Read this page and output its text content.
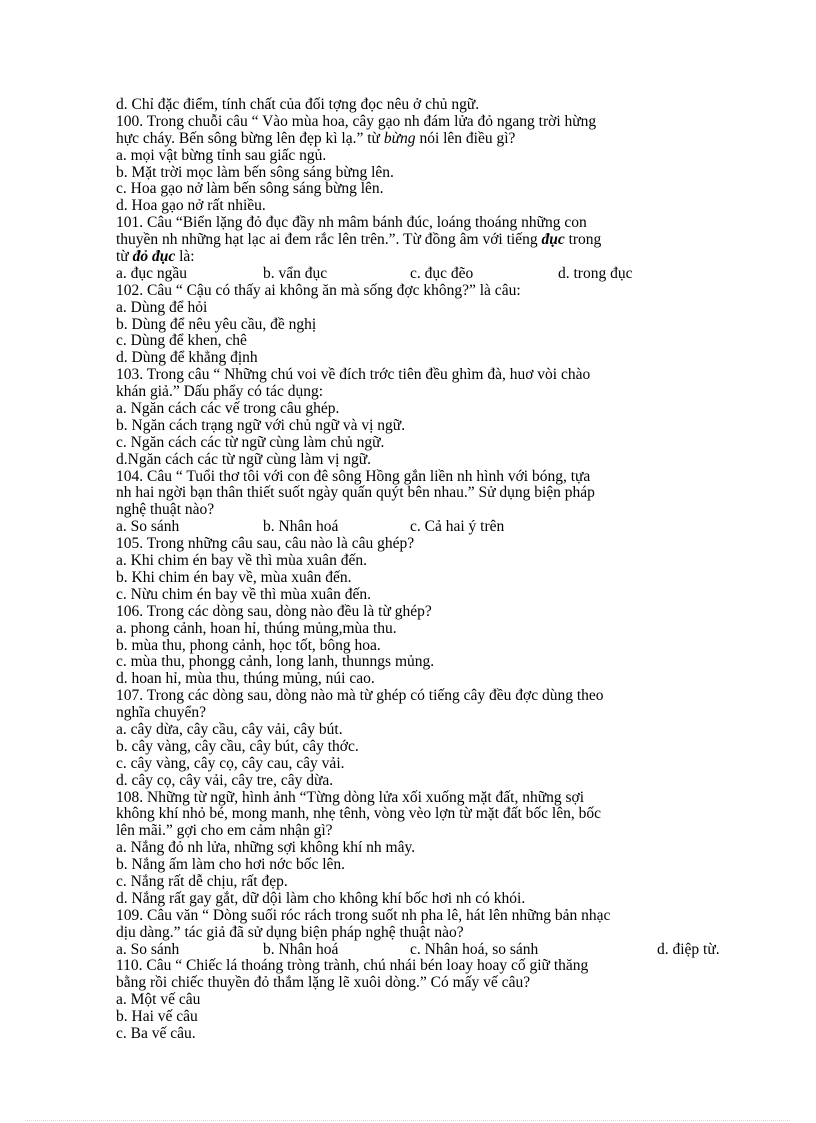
d. Chỉ đặc điểm, tính chất của đối tợng đọc nêu ở chủ ngữ.
100. Trong chuỗi câu “ Vào mùa hoa, cây gạo nh đám lửa đỏ ngang trời hừng
hực cháy. Bến sông bừng lên đẹp kì lạ.” từ bừng nói lên điều gì?
a. mọi vật bừng tỉnh sau giấc ngủ.
b. Mặt trời mọc làm bến sông sáng bừng lên.
c. Hoa gạo nở làm bến sông sáng bừng lên.
d. Hoa gạo nở rất nhiều.
101. Câu “Biển lặng đỏ đục đầy nh mâm bánh đúc, loáng thoáng những con
thuyền nh những hạt lạc ai đem rắc lên trên.”. Từ đồng âm với tiếng đục trong
từ đỏ đục là:
a. đục ngầu	b. vẩn đục	c. đục đẽo	d. trong đục
102. Câu “ Cậu có thấy ai không ăn mà sống đợc không?” là câu:
a. Dùng để hỏi
b. Dùng để nêu yêu cầu, đề nghị
c. Dùng để khen, chê
d. Dùng để khẳng định
103. Trong câu “ Những chú voi về đích trớc tiên đều ghìm đà, huơ vòi chào
khán giả.” Dấu phẩy có tác dụng:
a. Ngăn cách các vế trong câu ghép.
b. Ngăn cách trạng ngữ với chủ ngữ và vị ngữ.
c. Ngăn cách các từ ngữ cùng làm chủ ngữ.
d.Ngăn cách các từ ngữ cùng làm vị ngữ.
104. Câu “ Tuổi thơ tôi với con đê sông Hồng gắn liền nh hình với bóng, tựa
nh hai ngời bạn thân thiết suốt ngày quấn quýt bên nhau.” Sử dụng biện pháp
nghệ thuật nào?
a. So sánh	b. Nhân hoá	c. Cả hai ý trên
105. Trong những câu sau, câu nào là câu ghép?
a. Khi chim én bay về thì mùa xuân đến.
b. Khi chim én bay về, mùa xuân đến.
c. Nừu chim én bay về thì mùa xuân đến.
106. Trong các dòng sau, dòng nào đều là từ ghép?
a. phong cảnh, hoan hỉ, thúng mủng,mùa thu.
b. mùa thu, phong cảnh, học tốt, bông hoa.
c. mùa thu, phongg cảnh, long lanh, thunngs mủng.
d. hoan hỉ, mùa thu, thúng mủng, núi cao.
107. Trong các dòng sau, dòng nào mà từ ghép có tiếng cây đều đợc dùng theo
nghĩa chuyển?
a. cây dừa, cây cầu, cây vải, cây bút.
b. cây vàng, cây cầu, cây bút, cây thớc.
c. cây vàng, cây cọ, cây cau, cây vải.
d. cây cọ, cây vải, cây tre, cây dừa.
108. Những từ ngữ, hình ảnh “Từng dòng lửa xối xuống mặt đất, những sợi
không khí nhỏ bé, mong manh, nhẹ tênh, vòng vèo lợn từ mặt đất bốc lên, bốc
lên mãi.” gợi cho em cảm nhận gì?
a. Nắng đỏ nh lửa, những sợi không khí nh mây.
b. Nắng ấm làm cho hơi nớc bốc lên.
c. Nắng rất dễ chịu, rất đẹp.
d. Nắng rất gay gắt, dữ dội làm cho không khí bốc hơi nh có khói.
109. Câu văn “ Dòng suối róc rách trong suốt nh pha lê, hát lên những bản nhạc
dịu dàng.” tác giả đã sử dụng biện pháp nghệ thuật nào?
a. So sánh	b. Nhân hoá	c. Nhân hoá, so sánh	d. điệp từ.
110. Câu “ Chiếc lá thoáng tròng trành, chú nhái bén loay hoay cố giữ thăng
bằng rồi chiếc thuyền đỏ thắm lặng lẽ xuôi dòng.” Có mấy vế câu?
a. Một vế câu
b. Hai vế câu
c. Ba vế câu.
